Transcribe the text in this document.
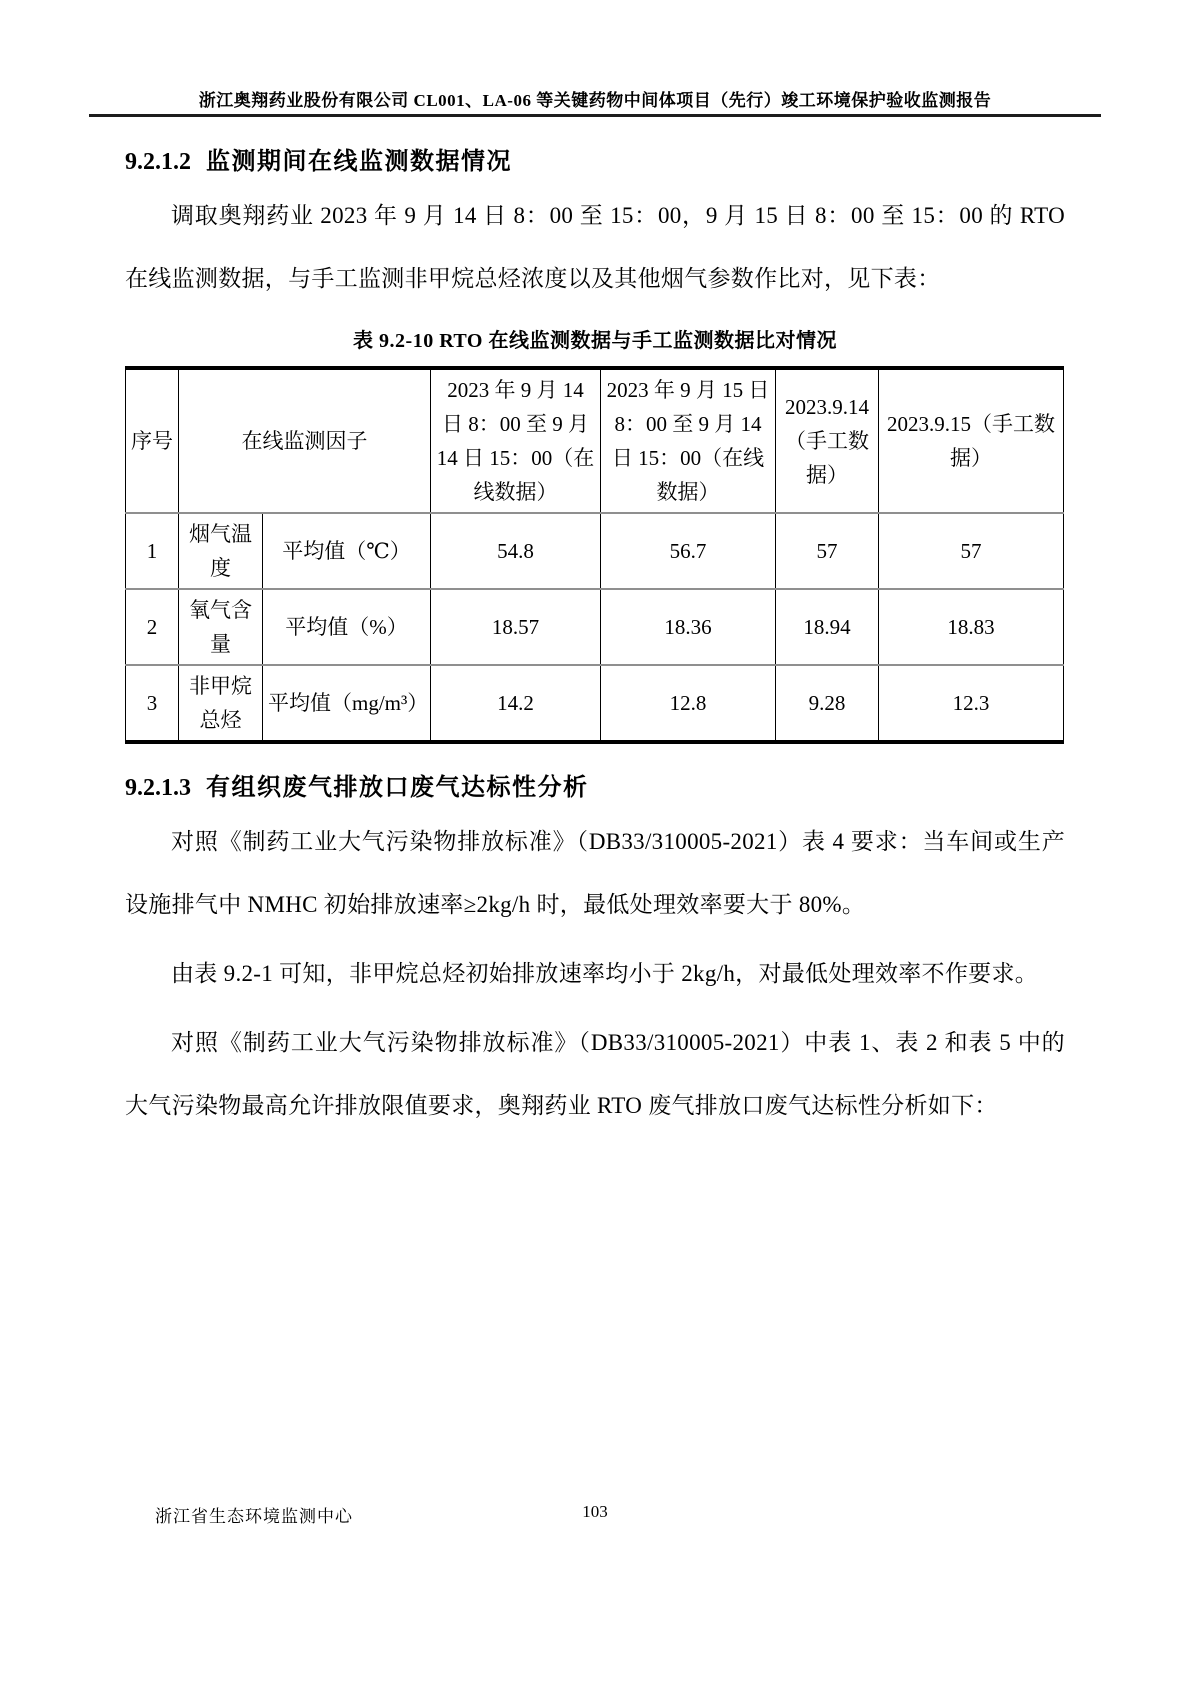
浙江奥翔药业股份有限公司 CL001、LA-06 等关键药物中间体项目（先行）竣工环境保护验收监测报告
9.2.1.2 监测期间在线监测数据情况

调取奥翔药业 2023 年 9 月 14 日 8：00 至 15：00，9 月 15 日 8：00 至 15：00 的 RTO 在线监测数据，与手工监测非甲烷总烃浓度以及其他烟气参数作比对，见下表：

表 9.2-10 RTO 在线监测数据与手工监测数据比对情况
序号	在线监测因子		2023 年 9 月 14 日 8：00 至 9 月 14 日 15：00（在线数据）	2023 年 9 月 15 日 8：00 至 9 月 14 日 15：00（在线数据）	2023.9.14（手工数据）	2023.9.15（手工数据）
1	烟气温度	平均值（℃）	54.8	56.7	57	57
2	氧气含量	平均值（%）	18.57	18.36	18.94	18.83
3	非甲烷总烃	平均值（mg/m³）	14.2	12.8	9.28	12.3
9.2.1.3 有组织废气排放口废气达标性分析

对照《制药工业大气污染物排放标准》（DB33/310005-2021）表 4 要求：当车间或生产设施排气中 NMHC 初始排放速率≥2kg/h 时，最低处理效率要大于 80%。

由表 9.2-1 可知，非甲烷总烃初始排放速率均小于 2kg/h，对最低处理效率不作要求。

对照《制药工业大气污染物排放标准》（DB33/310005-2021）中表 1、表 2 和表 5 中的大气污染物最高允许排放限值要求，奥翔药业 RTO 废气排放口废气达标性分析如下：

浙江省生态环境监测中心	103
